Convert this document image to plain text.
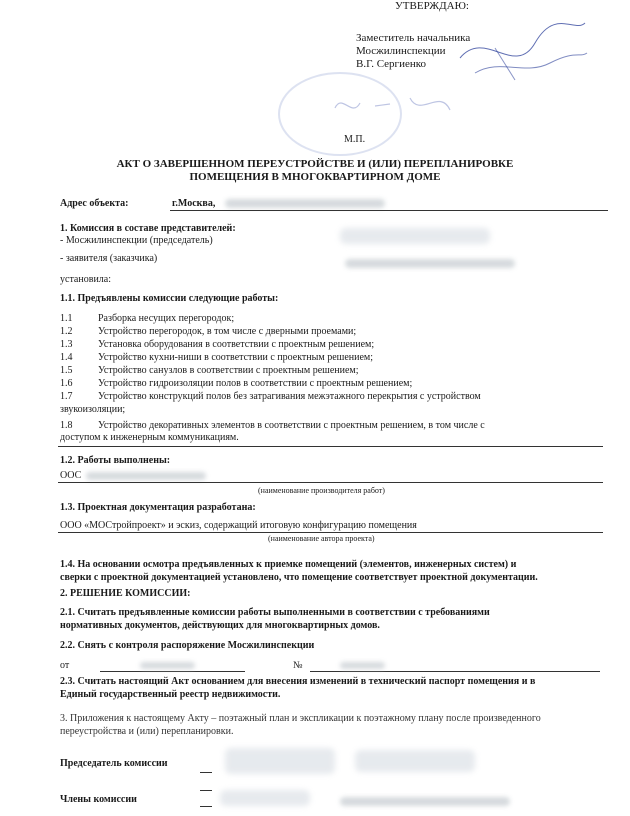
УТВЕРЖДАЮ:
Заместитель начальника
Мосжилинспекции
В.Г. Сергиенко
М.П.
АКТ О ЗАВЕРШЕННОМ ПЕРЕУСТРОЙСТВЕ И (ИЛИ) ПЕРЕПЛАНИРОВКЕ
ПОМЕЩЕНИЯ В МНОГОКВАРТИРНОМ ДОМЕ
Адрес объекта:	г.Москва,
1. Комиссия в составе представителей:
- Мосжилинспекции (председатель)
- заявителя (заказчика)
установила:
1.1. Предъявлены комиссии следующие работы:
1.1	Разборка несущих перегородок;
1.2	Устройство перегородок, в том числе с дверными проемами;
1.3	Установка оборудования в соответствии с проектным решением;
1.4	Устройство кухни-ниши в соответствии с проектным решением;
1.5	Устройство санузлов в соответствии с проектным решением;
1.6	Устройство гидроизоляции полов в соответствии с проектным решением;
1.7	Устройство конструкций полов без затрагивания межэтажного перекрытия с устройством
звукоизоляции;
1.8	Устройство декоративных элементов в соответствии с проектным решением, в том числе с
доступом к инженерным коммуникациям.
1.2. Работы выполнены:
ООС
(наименование производителя работ)
1.3. Проектная документация разработана:
ООО «МОСтройпроект» и эскиз, содержащий итоговую конфигурацию помещения
(наименование автора проекта)
1.4. На основании осмотра предъявленных к приемке помещений (элементов, инженерных систем) и
сверки с проектной документацией установлено, что помещение соответствует проектной документации.
2. РЕШЕНИЕ КОМИССИИ:
2.1. Считать предъявленные комиссии работы выполненными в соответствии с требованиями
нормативных документов, действующих для многоквартирных домов.
2.2. Снять с контроля распоряжение Мосжилинспекции
от	№
2.3. Считать настоящий Акт основанием для внесения изменений в технический паспорт помещения и в
Единый государственный реестр недвижимости.
3. Приложения к настоящему Акту – поэтажный план и экспликации к поэтажному плану после произведенного
переустройства и (или) перепланировки.
Председатель комиссии
Члены комиссии
